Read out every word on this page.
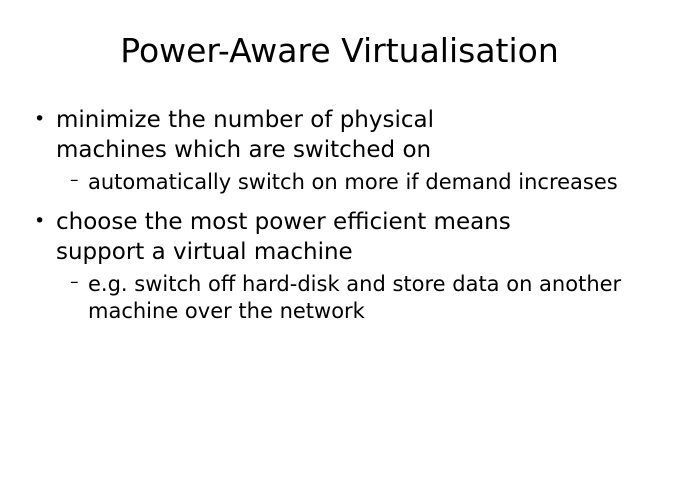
Power-Aware Virtualisation
• minimize the number of physical machines which are switched on
– automatically switch on more if demand increases
• choose the most power efficient means support a virtual machine
– e.g. switch off hard-disk and store data on another machine over the network
